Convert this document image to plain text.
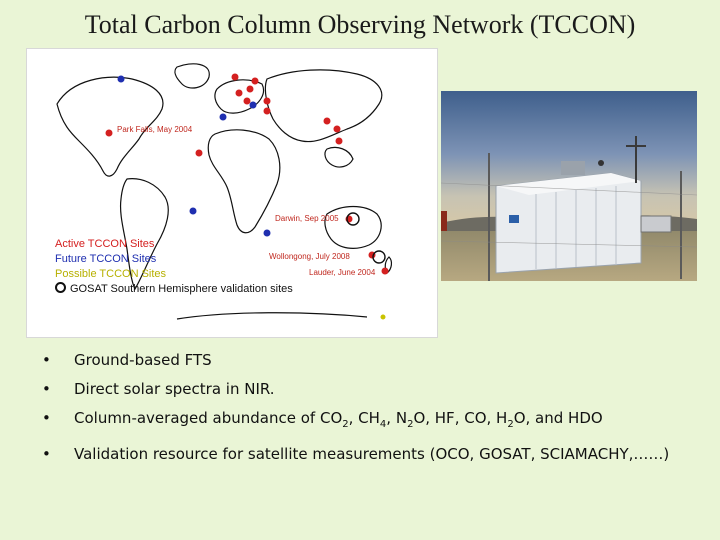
Total Carbon Column Observing Network (TCCON)
Park Falls, May 2004
Darwin, Sep 2005
Wollongong, July 2008
Lauder, June 2004
Active TCCON Sites
Future TCCON Sites
Possible TCCON Sites
GOSAT Southern Hemisphere validation sites
• Ground-based FTS
• Direct solar spectra in NIR.
• Column-averaged abundance of $CO_2$, $CH_4$, $N_2O$, HF, CO, $H_2O$, and HDO
• Validation resource for satellite measurements (OCO, GOSAT, SCIAMACHY,……)
